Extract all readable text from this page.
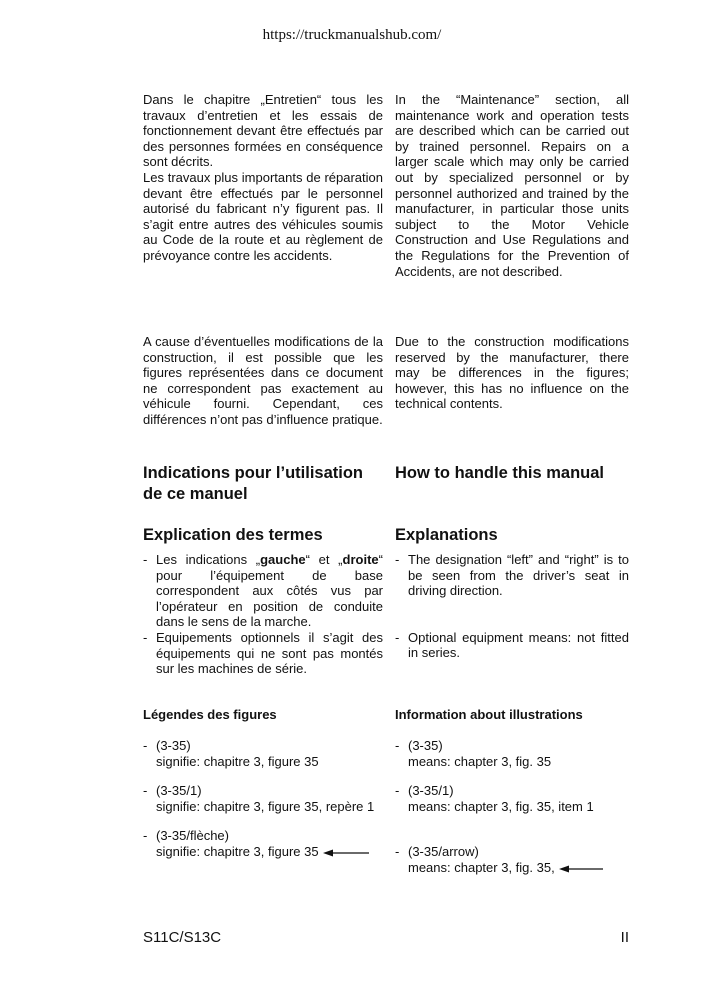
https://truckmanualshub.com/

Dans le chapitre „Entretien“ tous les travaux d’entretien et les essais de fonctionnement devant être effectués par des personnes formées en conséquence sont décrits.

Les travaux plus importants de réparation devant être effectués par le personnel autorisé du fabricant n’y figurent pas. Il s’agit entre autres des véhicules soumis au Code de la route et au règlement de prévoyance contre les accidents.

In the “Maintenance” section, all maintenance work and operation tests are described which can be carried out by trained personnel. Repairs on a larger scale which may only be carried out by specialized personnel or by personnel authorized and trained by the manufacturer, in particular those units subject to the Motor Vehicle Construction and Use Regulations and the Regulations for the Prevention of Accidents, are not described.

A cause d’éventuelles modifications de la construction, il est possible que les figures représentées dans ce document ne correspondent pas exactement au véhicule fourni. Cependant, ces différences n’ont pas d’influence pratique.

Due to the construction modifications reserved by the manufacturer, there may be differences in the figures; however, this has no influence on the technical contents.

Indications pour l’utilisation de ce manuel
How to handle this manual
Explication des termes

- Les indications „gauche“ et „droite“ pour l’équipement de base correspondent aux côtés vus par l’opérateur en position de conduite dans le sens de la marche.

- Equipements optionnels il s’agit des équipements qui ne sont pas montés sur les machines de série.

Explanations

- The designation “left” and “right” is to be seen from the driver’s seat in driving direction.

- Optional equipment means: not fitted in series.

Légendes des figures

- (3-35)
signifie: chapitre 3, figure 35

- (3-35/1)
signifie: chapitre 3, figure 35, repère 1

- (3-35/flèche)
signifie: chapitre 3, figure 35

Information about illustrations

- (3-35)
means: chapter 3, fig. 35

- (3-35/1)
means: chapter 3, fig. 35, item 1

- (3-35/arrow)
means: chapter 3, fig. 35,

S11C/S13C	II
